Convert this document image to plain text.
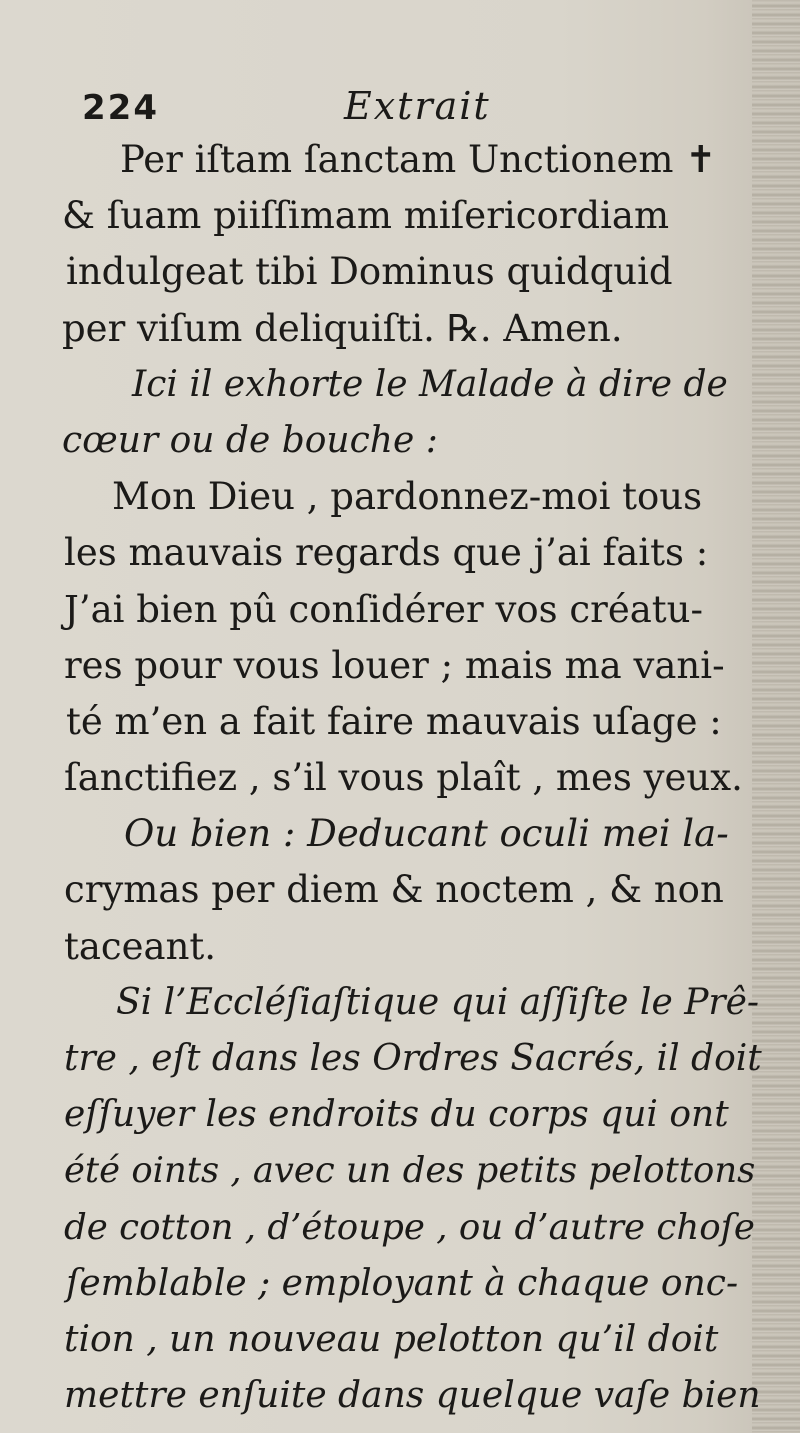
224	Extrait
Per iſtam ſanctam Unctionem ✝
& ſuam piiſſimam miſericordiam
indulgeat tibi Dominus quidquid
per viſum deliquiſti. ℞. Amen.
Ici il exhorte le Malade à dire de
cœur ou de bouche :
Mon Dieu , pardonnez-moi tous
les mauvais regards que j’ai faits :
J’ai bien pû conſidérer vos créatu-
res pour vous louer ; mais ma vani-
té m’en a fait faire mauvais uſage :
ſanctifiez , s’il vous plaît , mes yeux.
Ou bien : Deducant oculi mei la-
crymas per diem & noctem , & non
taceant.
Si l’Eccléſiaſtique qui aſſiſte le Prê-
tre , eſt dans les Ordres Sacrés, il doit
eſſuyer les endroits du corps qui ont
été oints , avec un des petits pelottons
de cotton , d’étoupe , ou d’autre choſe
ſemblable ; employant à chaque onc-
tion , un nouveau pelotton qu’il doit
mettre enſuite dans quelque vaſe bien
